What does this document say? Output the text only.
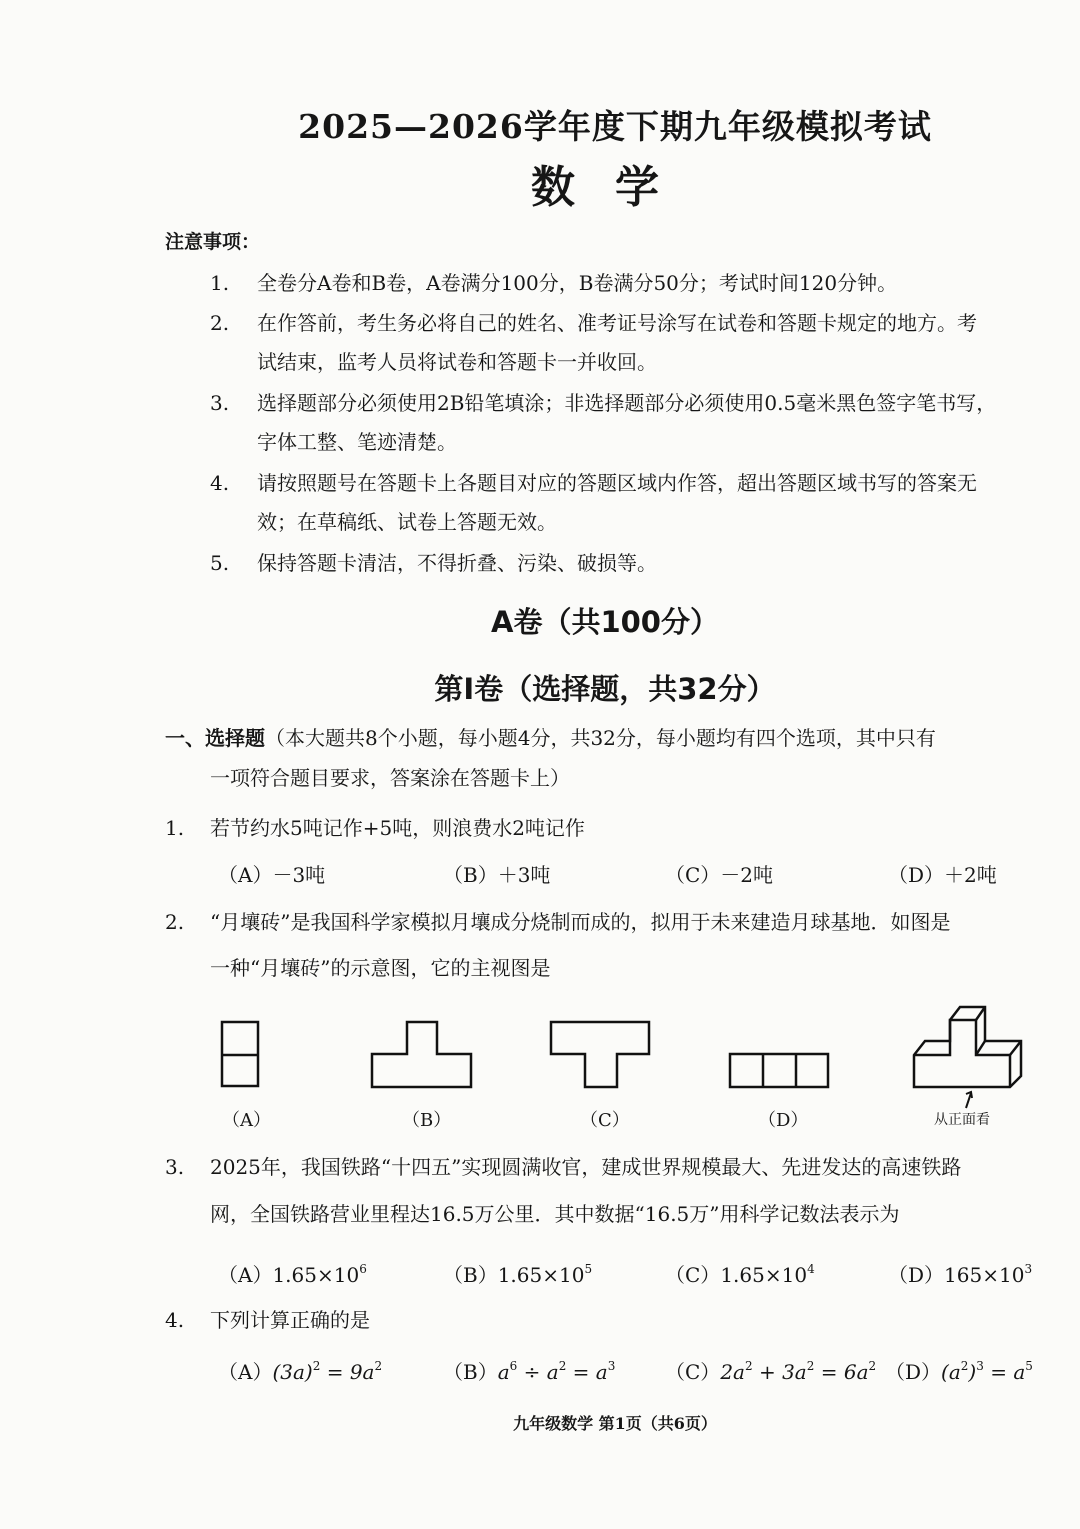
2025—2026学年度下期九年级模拟考试
数学
注意事项：
1. 全卷分A卷和B卷，A卷满分100分，B卷满分50分；考试时间120分钟。
2. 在作答前，考生务必将自己的姓名、准考证号涂写在试卷和答题卡规定的地方。考
试结束，监考人员将试卷和答题卡一并收回。
3. 选择题部分必须使用2B铅笔填涂；非选择题部分必须使用0.5毫米黑色签字笔书写，
字体工整、笔迹清楚。
4. 请按照题号在答题卡上各题目对应的答题区域内作答，超出答题区域书写的答案无
效；在草稿纸、试卷上答题无效。
5. 保持答题卡清洁，不得折叠、污染、破损等。
A卷（共100分）
第Ⅰ卷（选择题，共32分）
一、选择题（本大题共8个小题，每小题4分，共32分，每小题均有四个选项，其中只有
一项符合题目要求，答案涂在答题卡上）
1. 若节约水5吨记作+5吨，则浪费水2吨记作
（A）－3吨	（B）＋3吨	（C）－2吨	（D）＋2吨
2. “月壤砖”是我国科学家模拟月壤成分烧制而成的，拟用于未来建造月球基地．如图是
一种“月壤砖”的示意图，它的主视图是
（A）	（B）	（C）	（D）	从正面看
3. 2025年，我国铁路“十四五”实现圆满收官，建成世界规模最大、先进发达的高速铁路
网，全国铁路营业里程达16.5万公里．其中数据“16.5万”用科学记数法表示为
$(A)1.65\times 10^6$	$(B)1.65\times 10^5$	$(C)1.65\times 10^4$	$(D)165\times 10^3$
4. 下列计算正确的是
$(A)(3a)^2 = 9a^2$	$(B)a^6 \div a^2 = a^3$ $(C)2a^2 + 3a^2 = 6a^2$ $(D)(a^2)^3 = a^5$
九年级数学 第1页（共6页）
